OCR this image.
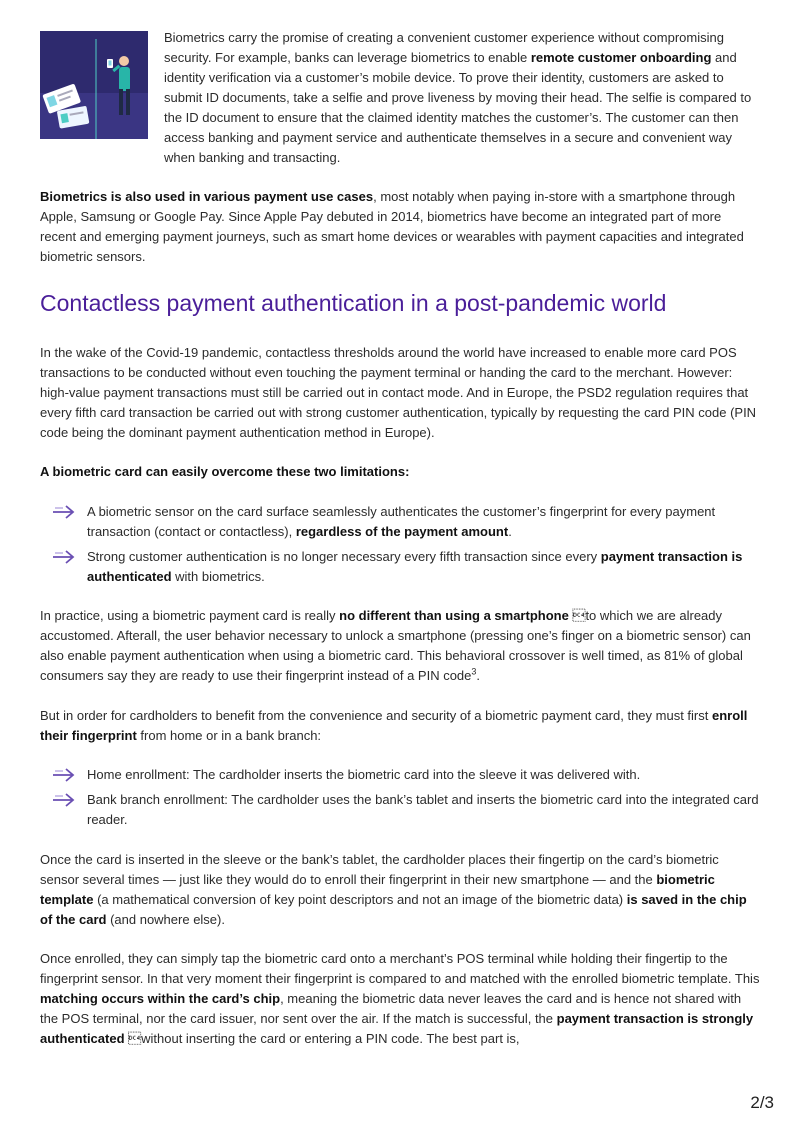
Biometrics carry the promise of creating a convenient customer experience without compromising security. For example, banks can leverage biometrics to enable remote customer onboarding and identity verification via a customer’s mobile device. To prove their identity, customers are asked to submit ID documents, take a selfie and prove liveness by moving their head. The selfie is compared to the ID document to ensure that the claimed identity matches the customer’s. The customer can then access banking and payment service and authenticate themselves in a secure and convenient way when banking and transacting.

Biometrics is also used in various payment use cases, most notably when paying in-store with a smartphone through Apple, Samsung or Google Pay. Since Apple Pay debuted in 2014, biometrics have become an integrated part of more recent and emerging payment journeys, such as smart home devices or wearables with payment capacities and integrated biometric sensors.

Contactless payment authentication in a post-pandemic world

In the wake of the Covid-19 pandemic, contactless thresholds around the world have increased to enable more card POS transactions to be conducted without even touching the payment terminal or handing the card to the merchant. However: high-value payment transactions must still be carried out in contact mode. And in Europe, the PSD2 regulation requires that every fifth card transaction be carried out with strong customer authentication, typically by requesting the card PIN code (PIN code being the dominant payment authentication method in Europe).

A biometric card can easily overcome these two limitations:

A biometric sensor on the card surface seamlessly authenticates the customer’s fingerprint for every payment transaction (contact or contactless), regardless of the payment amount.
Strong customer authentication is no longer necessary every fifth transaction since every payment transaction is authenticated with biometrics.

In practice, using a biometric payment card is really no different than using a smartphone to which we are already accustomed. Afterall, the user behavior necessary to unlock a smartphone (pressing one’s finger on a biometric sensor) can also enable payment authentication when using a biometric card. This behavioral crossover is well timed, as 81% of global consumers say they are ready to use their fingerprint instead of a PIN code$^3$.

But in order for cardholders to benefit from the convenience and security of a biometric payment card, they must first enroll their fingerprint from home or in a bank branch:

Home enrollment: The cardholder inserts the biometric card into the sleeve it was delivered with.
Bank branch enrollment: The cardholder uses the bank’s tablet and inserts the biometric card into the integrated card reader.

Once the card is inserted in the sleeve or the bank’s tablet, the cardholder places their fingertip on the card’s biometric sensor several times — just like they would do to enroll their fingerprint in their new smartphone — and the biometric template (a mathematical conversion of key point descriptors and not an image of the biometric data) is saved in the chip of the card (and nowhere else).

Once enrolled, they can simply tap the biometric card onto a merchant’s POS terminal while holding their fingertip to the fingerprint sensor. In that very moment their fingerprint is compared to and matched with the enrolled biometric template. This matching occurs within the card’s chip, meaning the biometric data never leaves the card and is hence not shared with the POS terminal, nor the card issuer, nor sent over the air. If the match is successful, the payment transaction is strongly authenticated without inserting the card or entering a PIN code. The best part is,

2/3
